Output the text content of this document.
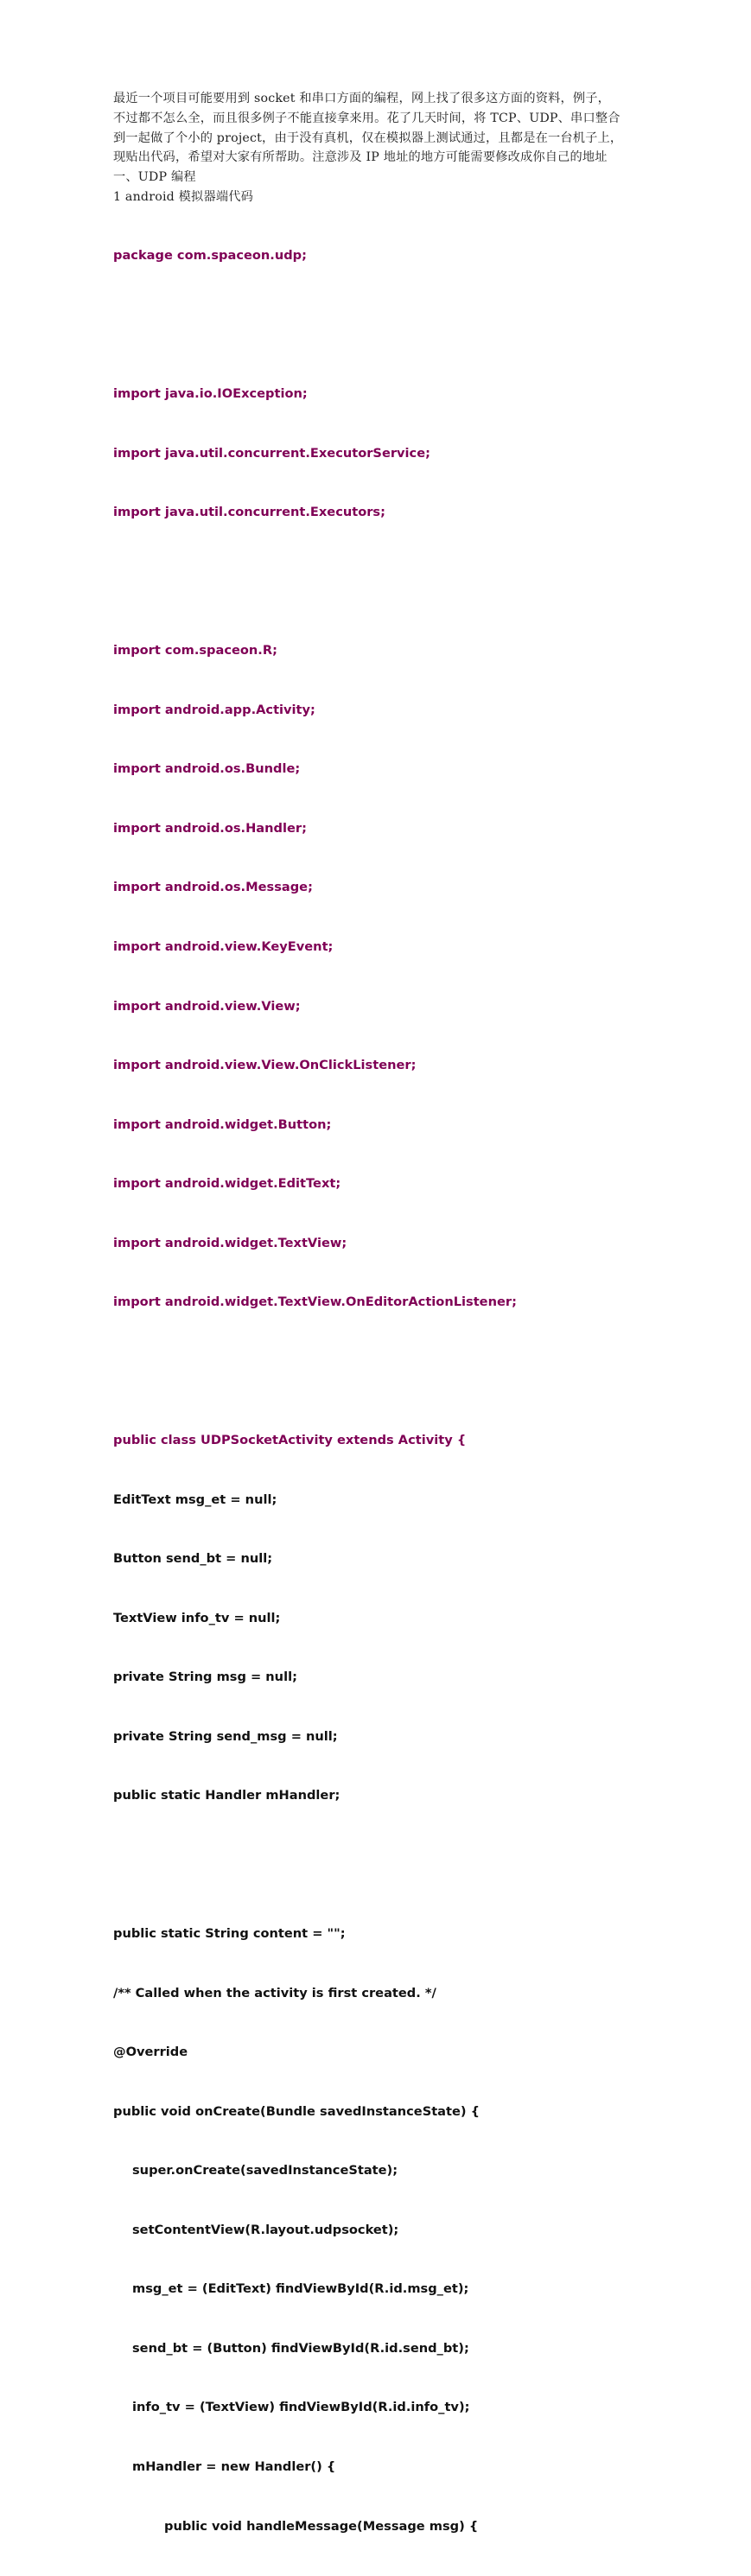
最近一个项目可能要用到 socket 和串口方面的编程，网上找了很多这方面的资料，例子，
不过都不怎么全，而且很多例子不能直接拿来用。花了几天时间，将 TCP、UDP、串口整合
到一起做了个小的 project，由于没有真机，仅在模拟器上测试通过，且都是在一台机子上，
现贴出代码，希望对大家有所帮助。注意涉及 IP 地址的地方可能需要修改成你自己的地址
一、UDP 编程
1 android 模拟器端代码

package com.spaceon.udp;

import java.io.IOException;

import java.util.concurrent.ExecutorService;

import java.util.concurrent.Executors;

import com.spaceon.R;

import android.app.Activity;

import android.os.Bundle;

import android.os.Handler;

import android.os.Message;

import android.view.KeyEvent;

import android.view.View;

import android.view.View.OnClickListener;

import android.widget.Button;

import android.widget.EditText;

import android.widget.TextView;

import android.widget.TextView.OnEditorActionListener;

public class UDPSocketActivity extends Activity {

EditText msg_et = null;

Button send_bt = null;

TextView info_tv = null;

private String msg = null;

private String send_msg = null;

public static Handler mHandler;

public static String content = "";

/** Called when the activity is first created. */

@Override

public void onCreate(Bundle savedInstanceState) {

super.onCreate(savedInstanceState);

setContentView(R.layout.udpsocket);

msg_et = (EditText) findViewById(R.id.msg_et);

send_bt = (Button) findViewById(R.id.send_bt);

info_tv = (TextView) findViewById(R.id.info_tv);

mHandler = new Handler() {

public void handleMessage(Message msg) {
